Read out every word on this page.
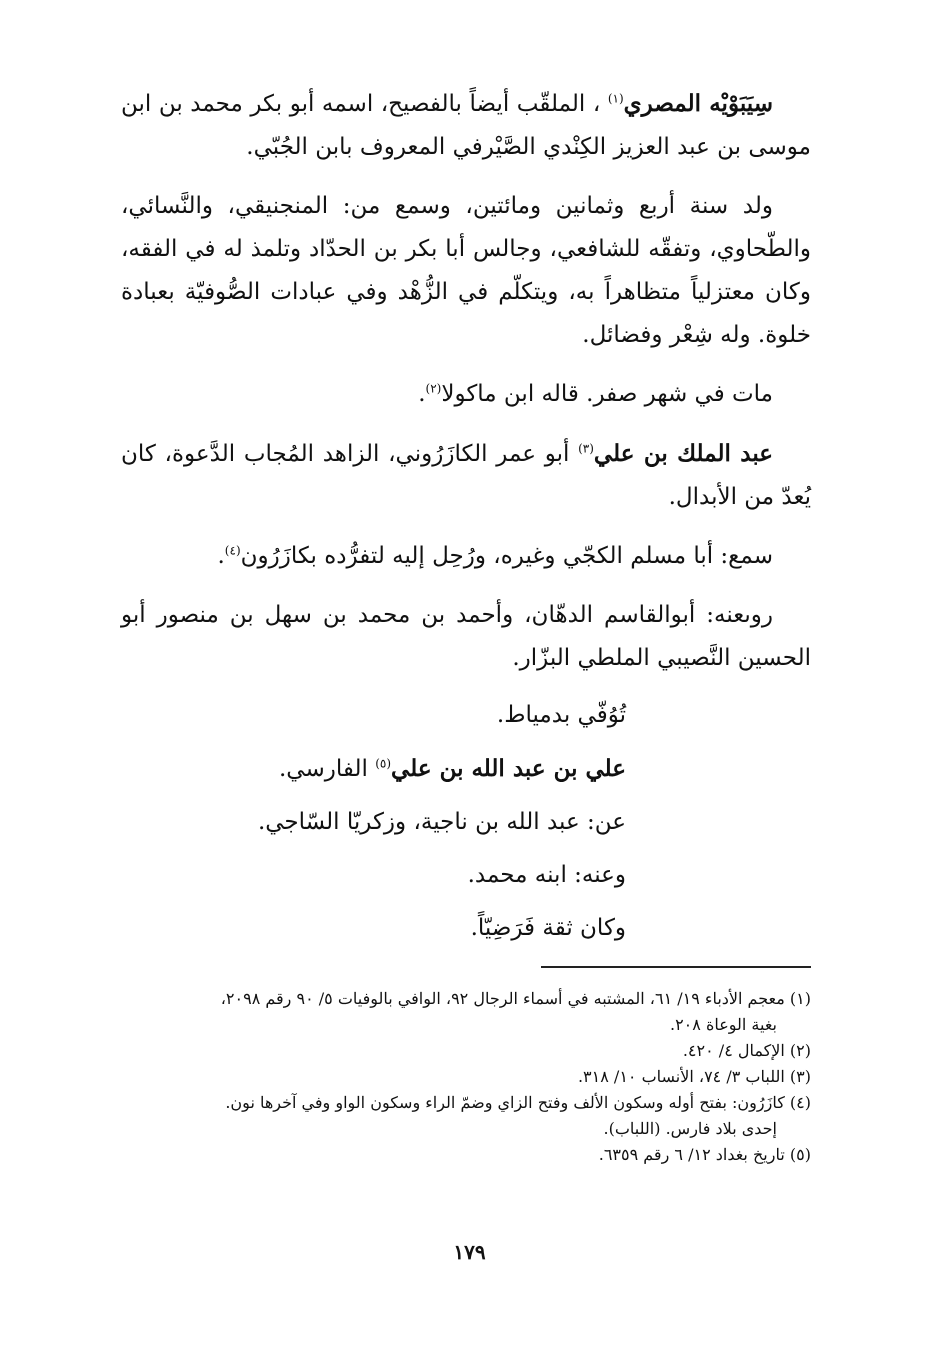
سِيَبَوْيْه المصري$^{(١)}$ ، الملقّب أيضاً بالفصيح، اسمه أبو بكر محمد بن ابن موسى بن عبد العزيز الكِنْدي الصَّيْرفي المعروف بابن الجُبّي.

ولد سنة أربع وثمانين ومائتين، وسمع من: المنجنيقي، والنَّسائي، والطّحاوي، وتفقّه للشافعي، وجالس أبا بكر بن الحدّاد وتلمذ له في الفقه، وكان معتزلياً متظاهراً به، ويتكلّم في الزُّهْد وفي عبادات الصُّوفيّة بعبادة خلوة. وله شِعْر وفضائل.

مات في شهر صفر. قاله ابن ماكولا$^{(٢)}$.

عبد الملك بن علي$^{(٣)}$ أبو عمر الكازَرُوني، الزاهد المُجاب الدَّعوة، كان يُعدّ من الأبدال.

سمع: أبا مسلم الكجّي وغيره، ورُحِل إليه لتفرُّده بكازَرُون$^{(٤)}$.

روىعنه: أبوالقاسم الدهّان، وأحمد بن محمد بن سهل بن منصور أبو الحسين النَّصيبي الملطي البزّار.

تُوُفّي بدمياط.

علي بن عبد الله بن علي$^{(٥)}$ الفارسي.

عن: عبد الله بن ناجية، وزكريّا السّاجي.

وعنه: ابنه محمد.

وكان ثقة فَرَضِيّاً.

(١) معجم الأدباء ١٩/ ٦١، المشتبه في أسماء الرجال ٩٢، الوافي بالوفيات ٥/ ٩٠ رقم ٢٠٩٨،
بغية الوعاة ٢٠٨.

(٢) الإكمال ٤/ ٤٢٠.

(٣) اللباب ٣/ ٧٤، الأنساب ١٠/ ٣١٨.

(٤) كازَرُون: بفتح أوله وسكون الألف وفتح الزاي وضمّ الراء وسكون الواو وفي آخرها نون.
إحدى بلاد فارس. (اللباب).

(٥) تاريخ بغداد ١٢/ ٦ رقم ٦٣٥٩.

١٧٩
